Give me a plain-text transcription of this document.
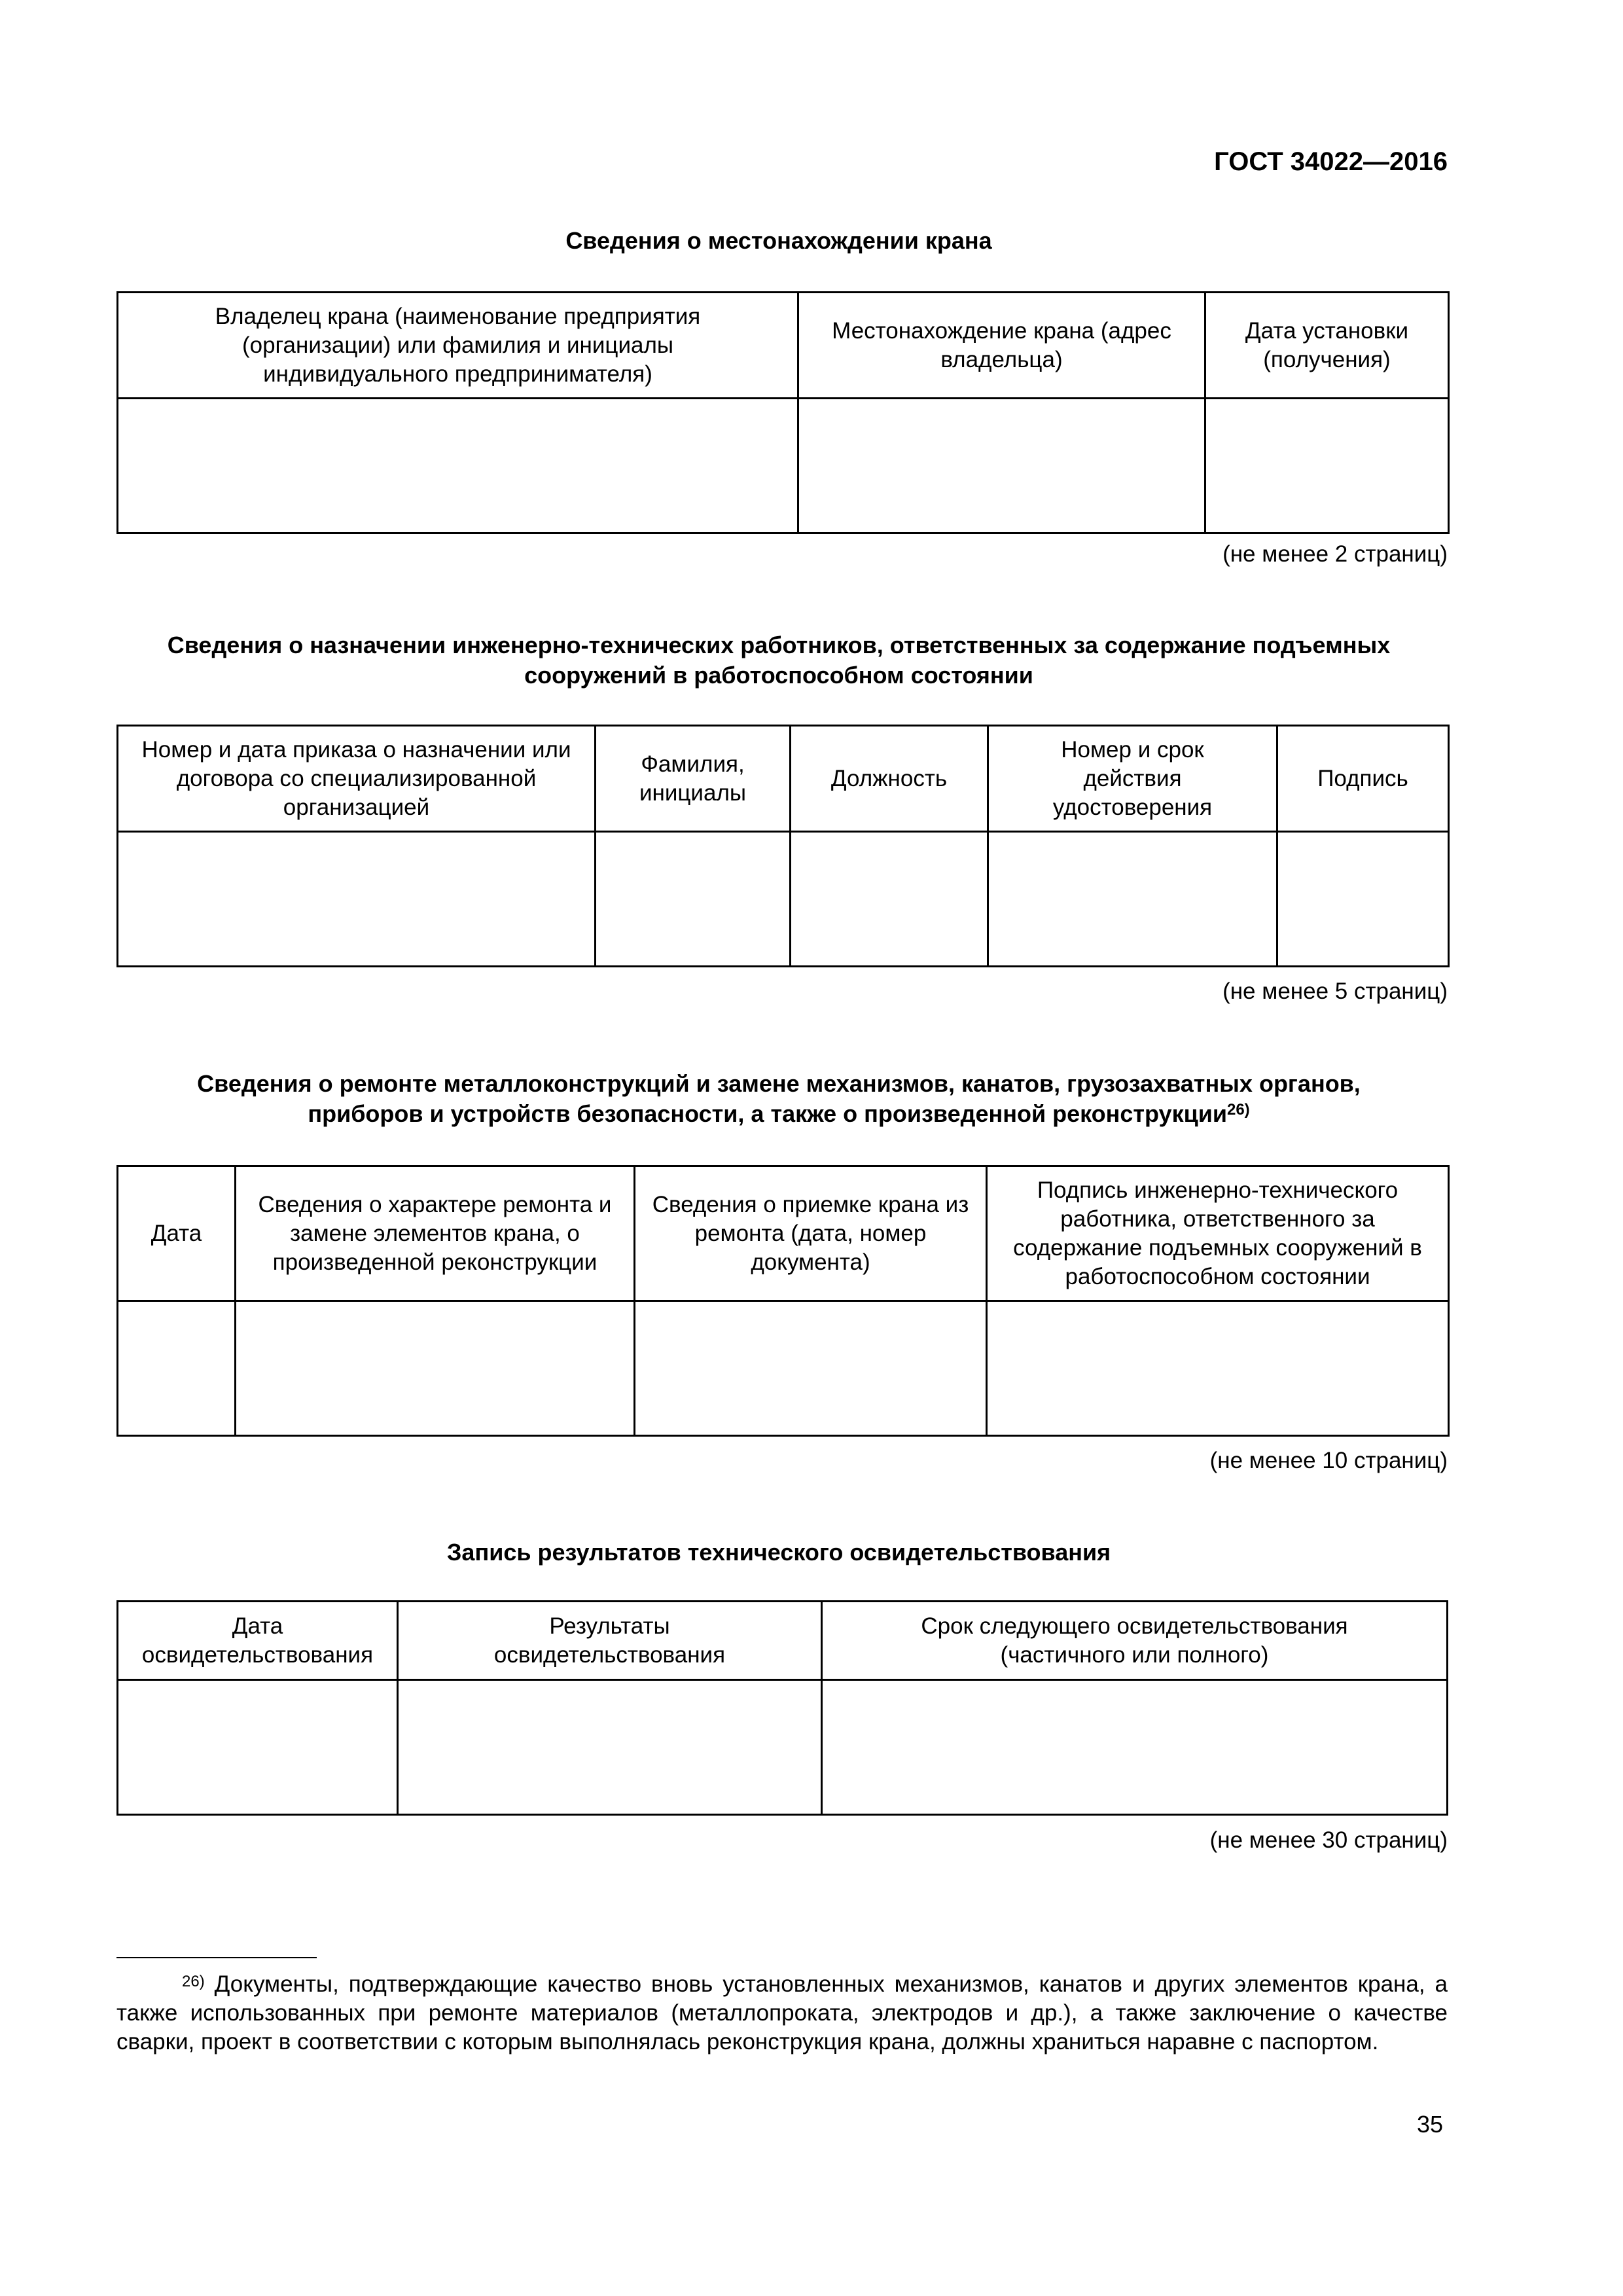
ГОСТ 34022—2016
Сведения о местонахождении крана
Владелец крана (наименование предприятия (организации) или фамилия и инициалы индивидуального предпринимателя)	Местонахождение крана (адрес владельца)	Дата установки (получения)

(не менее 2 страниц)
Сведения о назначении инженерно-технических работников, ответственных за содержание подъемных сооружений в работоспособном состоянии
Номер и дата приказа о назначении или договора со специализированной организацией	Фамилия, инициалы	Должность	Номер и срок действия удостоверения	Подпись

(не менее 5 страниц)
Сведения о ремонте металлоконструкций и замене механизмов, канатов, грузозахватных органов, приборов и устройств безопасности, а также о произведенной реконструкции$^{26)}$
Дата	Сведения о характере ремонта и замене элементов крана, о произведенной реконструкции	Сведения о приемке крана из ремонта (дата, номер документа)	Подпись инженерно-технического работника, ответственного за содержание подъемных сооружений в работоспособном состоянии

(не менее 10 страниц)
Запись результатов технического освидетельствования
Дата освидетельствования	Результаты освидетельствования	Срок следующего освидетельствования (частичного или полного)

(не менее 30 страниц)
$^{26)}$ Документы, подтверждающие качество вновь установленных механизмов, канатов и других элементов крана, а также использованных при ремонте материалов (металлопроката, электродов и др.), а также заключение о качестве сварки, проект в соответствии с которым выполнялась реконструкция крана, должны храниться наравне с паспортом.
35
